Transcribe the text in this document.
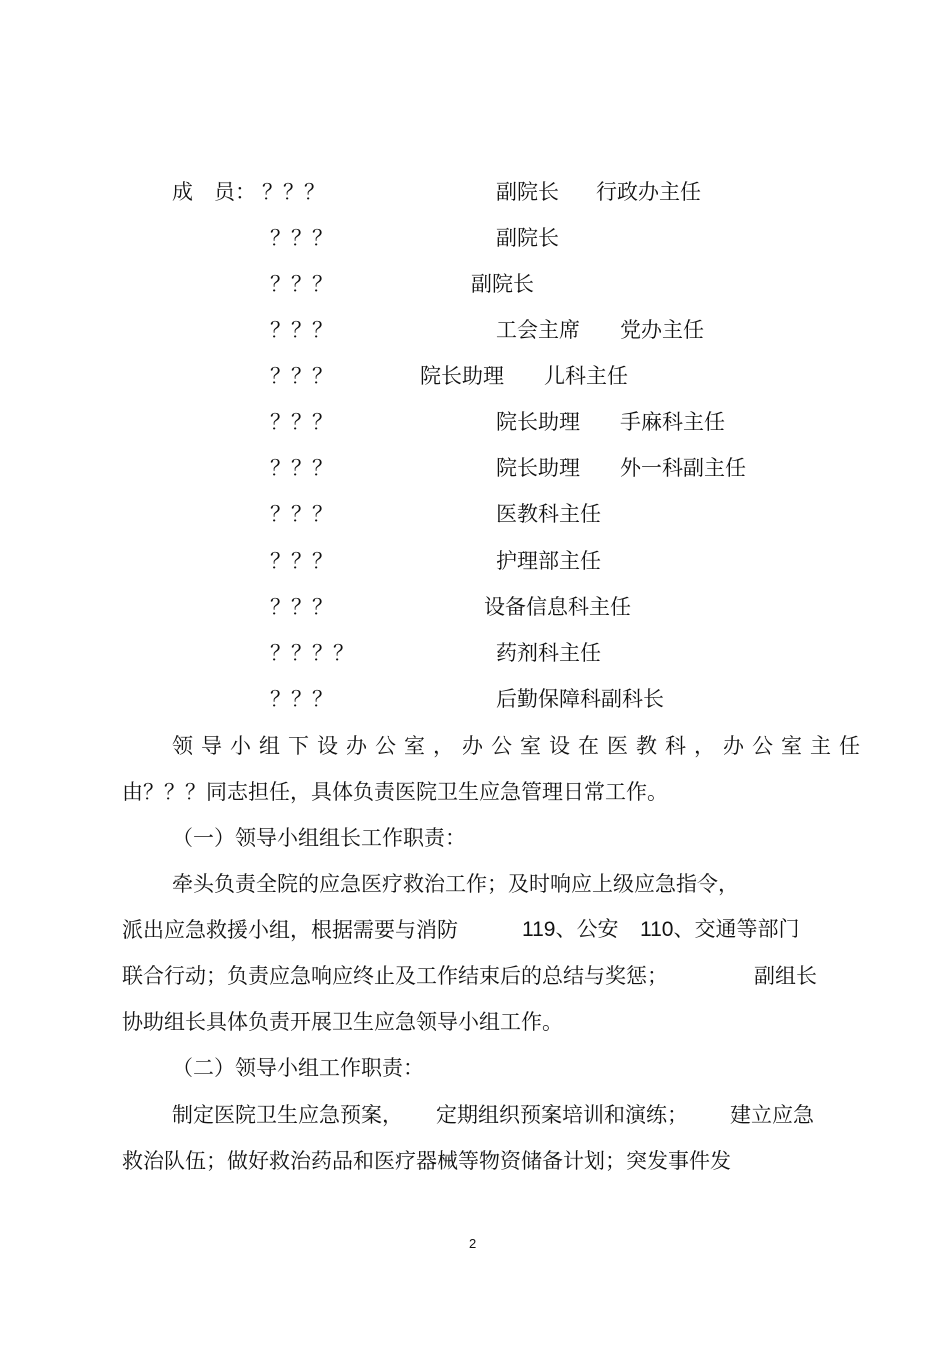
成　员： ？？？	副院长 行政办主任
？？？	副院长
？？？	副院长
？？？	工会主席 党办主任
？？？	院长助理 儿科主任
？？？	院长助理 手麻科主任
？？？	院长助理 外一科副主任
？？？	医教科主任
？？？	护理部主任
？？？	设备信息科主任
？？？？	药剂科主任
？？？	后勤保障科副科长
领导小组下设办公室，办公室设在医教科，办公室主任
由？？？同志担任，具体负责医院卫生应急管理日常工作。
（一）领导小组组长工作职责：
牵头负责全院的应急医疗救治工作；及时响应上级应急指令，
派出应急救援小组，根据需要与消防	119、公安 110、交通等部门
联合行动；负责应急响应终止及工作结束后的总结与奖惩；	副组长
协助组长具体负责开展卫生应急领导小组工作。
（二）领导小组工作职责：
制定医院卫生应急预案， 定期组织预案培训和演练； 建立应急
救治队伍；做好救治药品和医疗器械等物资储备计划；突发事件发
2
